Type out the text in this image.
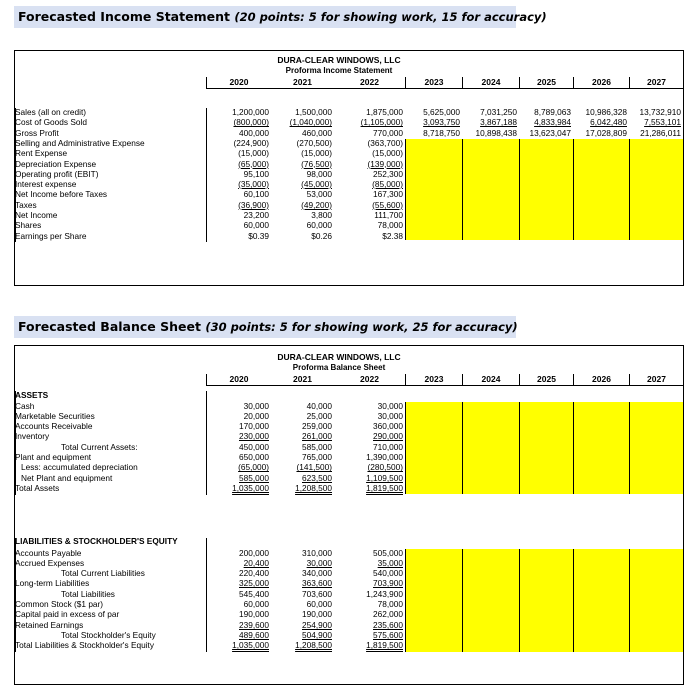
Forecasted Income Statement (20 points: 5 for showing work, 15 for accuracy)
DURA-CLEAR WINDOWS, LLC
Proforma Income Statement
2020	2021	2022	2023	2024	2025	2026	2027
Sales (all on credit)	1,200,000	1,500,000	1,875,000	5,625,000	7,031,250	8,789,063	10,986,328	13,732,910
Cost of Goods Sold	(800,000)	(1,040,000)	(1,105,000)	3,093,750	3,867,188	4,833,984	6,042,480	7,553,101
Gross Profit	400,000	460,000	770,000	8,718,750	10,898,438	13,623,047	17,028,809	21,286,011
Selling and Administrative Expense	(224,900)	(270,500)	(363,700)
Rent Expense	(15,000)	(15,000)	(15,000)
Depreciation Expense	(65,000)	(76,500)	(139,000)
Operating profit (EBIT)	95,100	98,000	252,300
Interest expense	(35,000)	(45,000)	(85,000)
Net Income before Taxes	60,100	53,000	167,300
Taxes	(36,900)	(49,200)	(55,600)
Net Income	23,200	3,800	111,700
Shares	60,000	60,000	78,000
Earnings per Share	$0.39	$0.26	$2.38
Forecasted Balance Sheet (30 points: 5 for showing work, 25 for accuracy)
DURA-CLEAR WINDOWS, LLC
Proforma Balance Sheet
2020	2021	2022	2023	2024	2025	2026	2027
ASSETS
Cash	30,000	40,000	30,000
Marketable Securities	20,000	25,000	30,000
Accounts Receivable	170,000	259,000	360,000
Inventory	230,000	261,000	290,000
Total Current Assets:	450,000	585,000	710,000
Plant and equipment	650,000	765,000	1,390,000
Less: accumulated depreciation	(65,000)	(141,500)	(280,500)
Net Plant and equipment	585,000	623,500	1,109,500
Total Assets	1,035,000	1,208,500	1,819,500
LIABILITIES & STOCKHOLDER'S EQUITY
Accounts Payable	200,000	310,000	505,000
Accrued Expenses	20,400	30,000	35,000
Total Current Liabilities	220,400	340,000	540,000
Long-term Liabilities	325,000	363,600	703,900
Total Liabilities	545,400	703,600	1,243,900
Common Stock ($1 par)	60,000	60,000	78,000
Capital paid in excess of par	190,000	190,000	262,000
Retained Earnings	239,600	254,900	235,600
Total Stockholder's Equity	489,600	504,900	575,600
Total Liabilities & Stockholder's Equity	1,035,000	1,208,500	1,819,500
